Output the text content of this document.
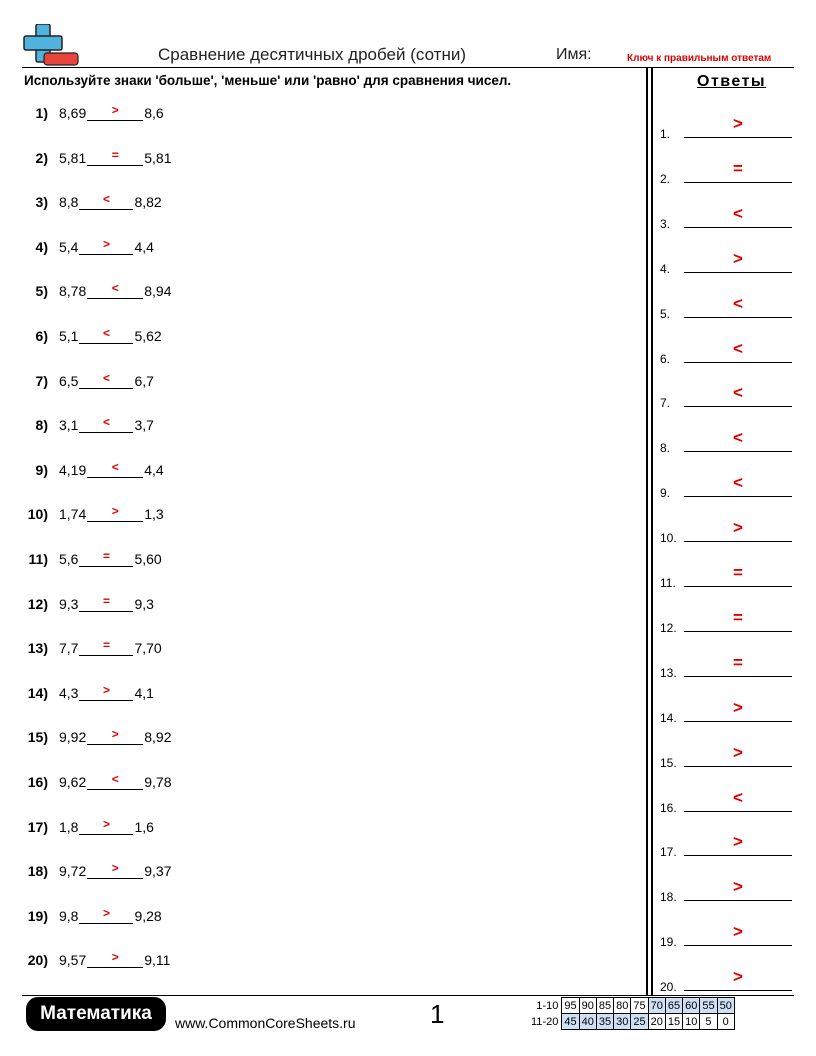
Сравнение десятичных дробей (сотни)	Имя:	Ключ к правильным ответам
Используйте знаки 'больше', 'меньше' или 'равно' для сравнения чисел.	Ответы
1) 8,69	>	8,6
2) 5,81	=	5,81
3) 8,8	<	8,82
4) 5,4	>	4,4
5) 8,78	<	8,94
6) 5,1	<	5,62
7) 6,5	<	6,7
8) 3,1	<	3,7
9) 4,19	<	4,4
10) 1,74	>	1,3
11) 5,6	=	5,60
12) 9,3	=	9,3
13) 7,7	=	7,70
14) 4,3	>	4,1
15) 9,92	>	8,92
16) 9,62	<	9,78
17) 1,8	>	1,6
18) 9,72	>	9,37
19) 9,8	>	9,28
20) 9,57	>	9,11
1.
>
2.
=
3.
<
4.
>
5.
<
6.
<
7.
<
8.
<
9.
<
10.
>
11.
=
12.
=
13.
=
14.
>
15.
>
16.
<
17.
>
18.
>
19.
>
20.
>
Математика	www.CommonCoreSheets.ru	1	1-10	95	90	85	80	75	70	65	60	55	50
11-20	45	40	35	30	25	20	15	10	5	0
